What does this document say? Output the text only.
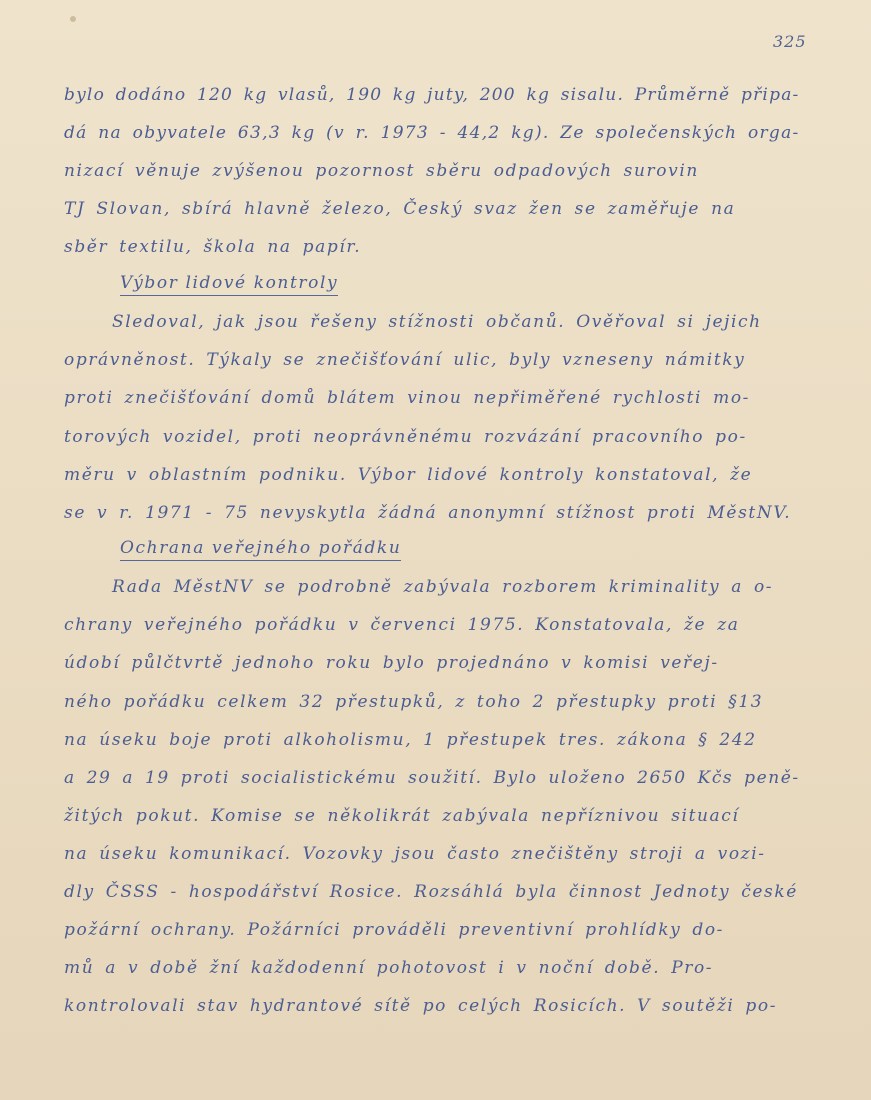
325
bylo dodáno 120 kg vlasů, 190 kg juty, 200 kg sisalu. Průměrně připa-
dá na obyvatele 63,3 kg (v r. 1973 - 44,2 kg). Ze společenských orga-
nizací věnuje zvýšenou pozornost sběru odpadových surovin
TJ Slovan, sbírá hlavně železo, Český svaz žen se zaměřuje na
sběr textilu, škola na papír.
Výbor lidové kontroly
Sledoval, jak jsou řešeny stížnosti občanů. Ověřoval si jejich
oprávněnost. Týkaly se znečišťování ulic, byly vzneseny námitky
proti znečišťování domů blátem vinou nepřiměřené rychlosti mo-
torových vozidel, proti neoprávněnému rozvázání pracovního po-
měru v oblastním podniku. Výbor lidové kontroly konstatoval, že
se v r. 1971 - 75 nevyskytla žádná anonymní stížnost proti MěstNV.
Ochrana veřejného pořádku
Rada MěstNV se podrobně zabývala rozborem kriminality a o-
chrany veřejného pořádku v červenci 1975. Konstatovala, že za
údobí půlčtvrtě jednoho roku bylo projednáno v komisi veřej-
ného pořádku celkem 32 přestupků, z toho 2 přestupky proti §13
na úseku boje proti alkoholismu, 1 přestupek tres. zákona § 242
a 29 a 19 proti socialistickému soužití. Bylo uloženo 2650 Kčs peně-
žitých pokut. Komise se několikrát zabývala nepříznivou situací
na úseku komunikací. Vozovky jsou často znečištěny stroji a vozi-
dly ČSSS - hospodářství Rosice. Rozsáhlá byla činnost Jednoty české
požární ochrany. Požárníci prováděli preventivní prohlídky do-
mů a v době žní každodenní pohotovost i v noční době. Pro-
kontrolovali stav hydrantové sítě po celých Rosicích. V soutěži po-
